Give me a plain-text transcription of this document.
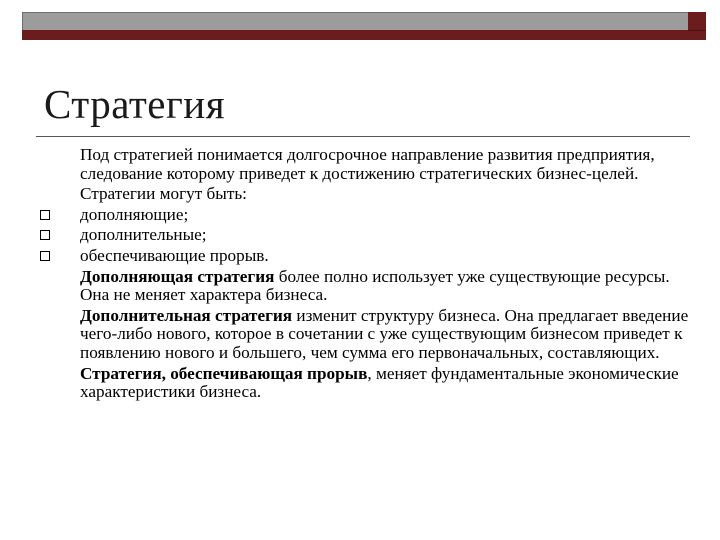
Стратегия

Под стратегией понимается долгосрочное направление развития предприятия, следование которому приведет к достижению стратегических бизнес-целей.

Стратегии могут быть:

дополняющие;

дополнительные;

обеспечивающие прорыв.

Дополняющая стратегия более полно использует уже существующие ресурсы. Она не меняет характера бизнеса.

Дополнительная стратегия изменит структуру бизнеса. Она предлагает введение чего-либо нового, которое в сочетании с уже существующим бизнесом приведет к появлению нового и большего, чем сумма его первоначальных, составляющих.

Стратегия, обеспечивающая прорыв, меняет фундаментальные экономические характеристики бизнеса.
